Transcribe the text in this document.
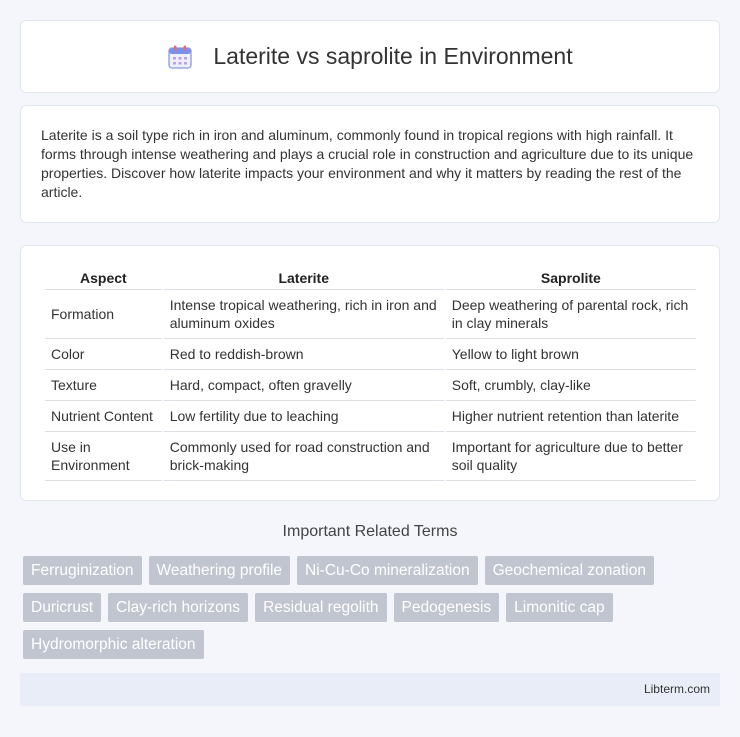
Laterite vs saprolite in Environment

Laterite is a soil type rich in iron and aluminum, commonly found in tropical regions with high rainfall. It forms through intense weathering and plays a crucial role in construction and agriculture due to its unique properties. Discover how laterite impacts your environment and why it matters by reading the rest of the article.

Aspect	Laterite	Saprolite
Formation	Intense tropical weathering, rich in iron and aluminum oxides	Deep weathering of parental rock, rich in clay minerals
Color	Red to reddish-brown	Yellow to light brown
Texture	Hard, compact, often gravelly	Soft, crumbly, clay-like
Nutrient Content	Low fertility due to leaching	Higher nutrient retention than laterite
Use in Environment	Commonly used for road construction and brick-making	Important for agriculture due to better soil quality
Important Related Terms
Ferruginization	Weathering profile	Ni-Cu-Co mineralization	Geochemical zonation
Duricrust	Clay-rich horizons	Residual regolith	Pedogenesis	Limonitic cap
Hydromorphic alteration
Libterm.com
